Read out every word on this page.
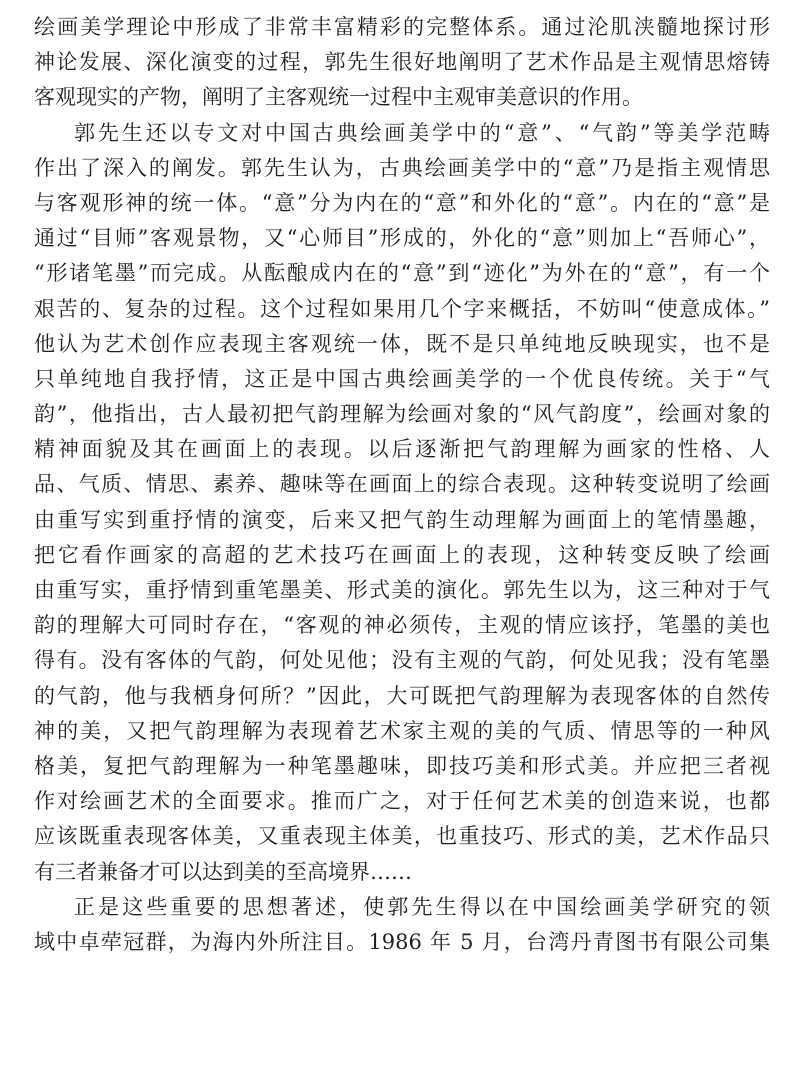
绘画美学理论中形成了非常丰富精彩的完整体系。通过沦肌浃髓地探讨形
神论发展、深化演变的过程，郭先生很好地阐明了艺术作品是主观情思熔铸
客观现实的产物，阐明了主客观统一过程中主观审美意识的作用。
郭先生还以专文对中国古典绘画美学中的“意”、“气韵”等美学范畴
作出了深入的阐发。郭先生认为，古典绘画美学中的“意”乃是指主观情思
与客观形神的统一体。“意”分为内在的“意”和外化的“意”。内在的“意”是
通过“目师”客观景物，又“心师目”形成的，外化的“意”则加上“吾师心”，
“形诸笔墨”而完成。从酝酿成内在的“意”到“迹化”为外在的“意”，有一个
艰苦的、复杂的过程。这个过程如果用几个字来概括，不妨叫“使意成体。”
他认为艺术创作应表现主客观统一体，既不是只单纯地反映现实，也不是
只单纯地自我抒情，这正是中国古典绘画美学的一个优良传统。关于“气
韵”，他指出，古人最初把气韵理解为绘画对象的“风气韵度”，绘画对象的
精神面貌及其在画面上的表现。以后逐渐把气韵理解为画家的性格、人
品、气质、情思、素养、趣味等在画面上的综合表现。这种转变说明了绘画
由重写实到重抒情的演变，后来又把气韵生动理解为画面上的笔情墨趣，
把它看作画家的高超的艺术技巧在画面上的表现，这种转变反映了绘画
由重写实，重抒情到重笔墨美、形式美的演化。郭先生以为，这三种对于气
韵的理解大可同时存在，“客观的神必须传，主观的情应该抒，笔墨的美也
得有。没有客体的气韵，何处见他；没有主观的气韵，何处见我；没有笔墨
的气韵，他与我栖身何所？”因此，大可既把气韵理解为表现客体的自然传
神的美，又把气韵理解为表现着艺术家主观的美的气质、情思等的一种风
格美，复把气韵理解为一种笔墨趣味，即技巧美和形式美。并应把三者视
作对绘画艺术的全面要求。推而广之，对于任何艺术美的创造来说，也都
应该既重表现客体美，又重表现主体美，也重技巧、形式的美，艺术作品只
有三者兼备才可以达到美的至高境界……
正是这些重要的思想著述，使郭先生得以在中国绘画美学研究的领
域中卓荦冠群，为海内外所注目。1986 年 5 月，台湾丹青图书有限公司集
